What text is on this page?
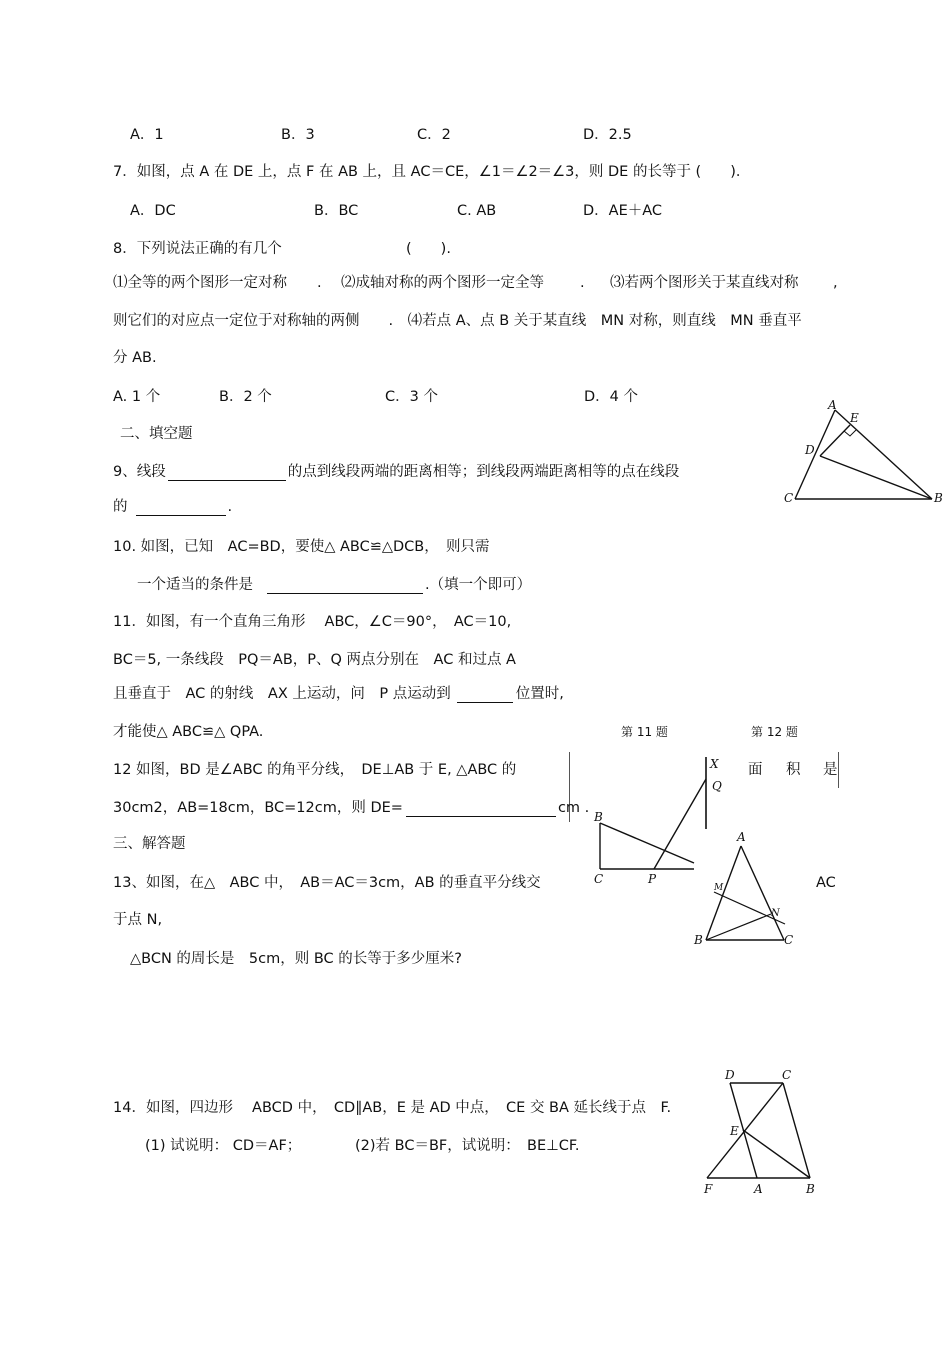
A．1	B．3	C．2	D．2.5
7．如图，点 A 在 DE 上，点 F 在 AB 上，且 AC＝CE，∠1＝∠2＝∠3，则 DE 的长等于 (　　)．
A．DC	B．BC	C. AB	D．AE＋AC
8．下列说法正确的有几个	(　　).
⑴全等的两个图形一定对称 . ⑵成轴对称的两个图形一定全等 . ⑶若两个图形关于某直线对称 ,
则它们的对应点一定位于对称轴的两侧　　.　⑷若点 A、点 B 关于某直线　MN 对称，则直线　MN 垂直平
分 AB.
A. 1 个	B．2 个	C．3 个	D．4 个
二、填空题
9、线段	的点到线段两端的距离相等；到线段两端距离相等的点在线段
的	.
10. 如图，已知　AC=BD，要使△ ABC≌△DCB，　则只需
一个适当的条件是	.（填一个即可）
11．如图，有一个直角三角形　 ABC，∠C＝90°，　AC＝10,
BC＝5, 一条线段　PQ＝AB，P、Q 两点分别在　AC 和过点 A
且垂直于　AC 的射线　AX 上运动，问　P 点运动到	位置时,
才能使△ ABC≌△ QPA.	第 11 题	第 12 题
12 如图，BD 是∠ABC 的角平分线，　DE⊥AB 于 E, △ABC 的	面 积 是
30cm2，AB=18cm，BC=12cm，则 DE=	cm .
三、解答题
13、如图，在△　ABC 中，　AB＝AC＝3cm，AB 的垂直平分线交	AC
于点 N,
△BCN 的周长是　5cm，则 BC 的长等于多少厘米?
14．如图，四边形　 ABCD 中，　CD∥AB，E 是 AD 中点，　CE 交 BA 延长线于点　F.
(1) 试说明： CD＝AF；	(2)若 BC＝BF，试说明：　BE⊥CF.
A
E
D
C	B
X
Q
B
C	P
A
M
N
B	C
D	C
E
F	A	B
